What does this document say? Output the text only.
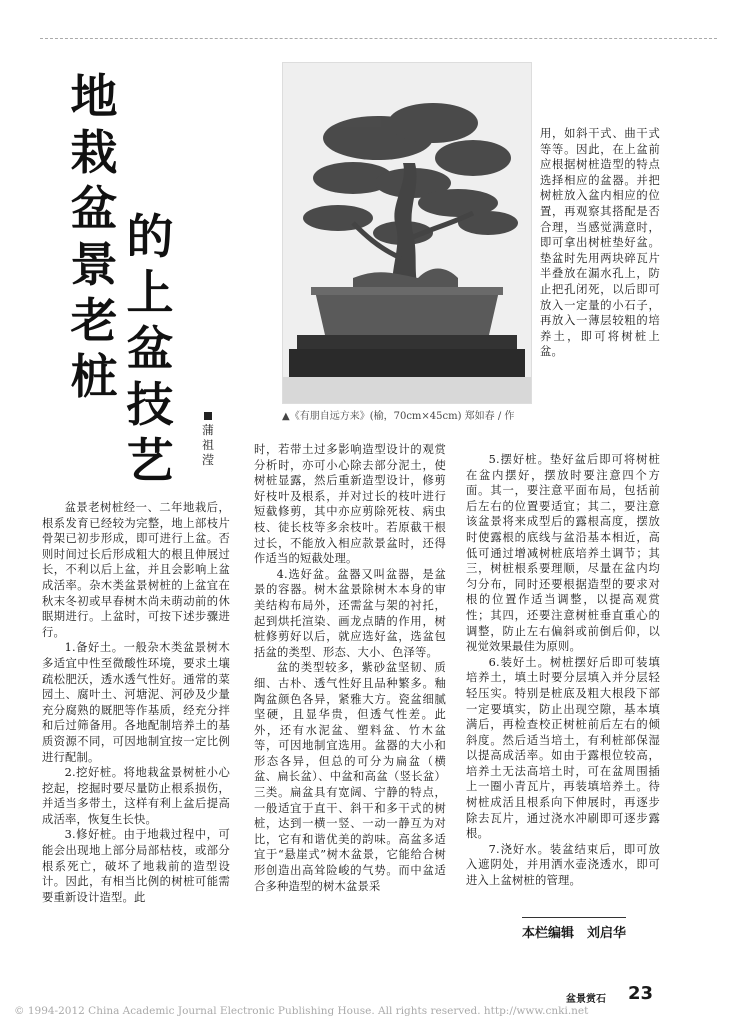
地
栽
盆
景
老
桩
的
上
盆
技
艺
蒲
祖
滢
▲《有朋自远方来》(榆，70cm×45cm) 郑如春 / 作

盆景老树桩经一、二年地栽后，根系发育已经较为完整，地上部枝片骨架已初步形成，即可进行上盆。否则时间过长后形成粗大的根且伸展过长，不利以后上盆，并且会影响上盆成活率。杂木类盆景树桩的上盆宜在秋末冬初或早春树木尚未萌动前的休眠期进行。上盆时，可按下述步骤进行。

1.备好土。一般杂木类盆景树木多适宜中性至微酸性环境，要求土壤疏松肥沃，透水透气性好。通常的菜园土、腐叶土、河塘泥、河砂及少量充分腐熟的厩肥等作基质，经充分拌和后过筛备用。各地配制培养土的基质资源不同，可因地制宜按一定比例进行配制。

2.挖好桩。将地栽盆景树桩小心挖起，挖掘时要尽量防止根系损伤，并适当多带土，这样有利上盆后提高成活率，恢复生长快。

3.修好桩。由于地栽过程中，可能会出现地上部分局部枯枝，或部分根系死亡，破坏了地栽前的造型设计。因此，有相当比例的树桩可能需要重新设计造型。此

时，若带土过多影响造型设计的观赏分析时，亦可小心除去部分泥土，使树桩显露，然后重新造型设计，修剪好枝叶及根系，并对过长的枝叶进行短截修剪，其中亦应剪除死枝、病虫枝、徒长枝等多余枝叶。若原截干根过长，不能放入相应款景盆时，还得作适当的短截处理。

4.选好盆。盆器又叫盆器，是盆景的容器。树木盆景除树木本身的审美结构布局外，还需盆与架的衬托，起到烘托渲染、画龙点睛的作用，树桩修剪好以后，就应选好盆，选盆包括盆的类型、形态、大小、色泽等。

盆的类型较多，紫砂盆坚韧、质细、古朴、透气性好且品种繁多。釉陶盆颜色各异，紧雅大方。瓷盆细腻坚硬，且显华贵，但透气性差。此外，还有水泥盆、塑料盆、竹木盆等，可因地制宜选用。盆器的大小和形态各异，但总的可分为扁盆（横盆、扁长盆）、中盆和高盆（竖长盆）三类。扁盆具有宽阔、宁静的特点，一般适宜于直干、斜干和多干式的树桩，达到一横一竖、一动一静互为对比，它有和谐优美的韵味。高盆多适宜于“悬崖式”树木盆景，它能给合树形创造出高耸险峻的气势。而中盆适合多种造型的树木盆景采

用，如斜干式、曲干式等等。因此，在上盆前应根据树桩造型的特点选择相应的盆器。并把树桩放入盆内相应的位置，再观察其搭配是否合理，当感觉满意时，即可拿出树桩垫好盆。垫盆时先用两块碎瓦片半叠放在漏水孔上，防止把孔闭死，以后即可放入一定量的小石子，再放入一薄层较粗的培养土，即可将树桩上盆。

5.摆好桩。垫好盆后即可将树桩在盆内摆好，摆放时要注意四个方面。其一，要注意平面布局，包括前后左右的位置要适宜；其二，要注意该盆景将来成型后的露根高度，摆放时使露根的底线与盆沿基本相近，高低可通过增减树桩底培养土调节；其三，树桩根系要理顺，尽量在盆内均匀分布，同时还要根据造型的要求对根的位置作适当调整，以提高观赏性；其四，还要注意树桩垂直重心的调整，防止左右偏斜或前倒后仰，以视觉效果最佳为原则。

6.装好土。树桩摆好后即可装填培养土，填土时要分层填入并分层轻轻压实。特别是桩底及粗大根段下部一定要填实，防止出现空隙，基本填满后，再检查校正树桩前后左右的倾斜度。然后适当培土，有利桩部保湿以提高成活率。如由于露根位较高，培养土无法高培土时，可在盆周围插上一圈小青瓦片，再装填培养土。待树桩成活且根系向下伸展时，再逐步除去瓦片，通过浇水冲刷即可逐步露根。

7.浇好水。装盆结束后，即可放入遮阴处，并用洒水壶浇透水，即可进入上盆树桩的管理。

本栏编辑　刘启华
盆景赏石 23
© 1994-2012 China Academic Journal Electronic Publishing House. All rights reserved. http://www.cnki.net
